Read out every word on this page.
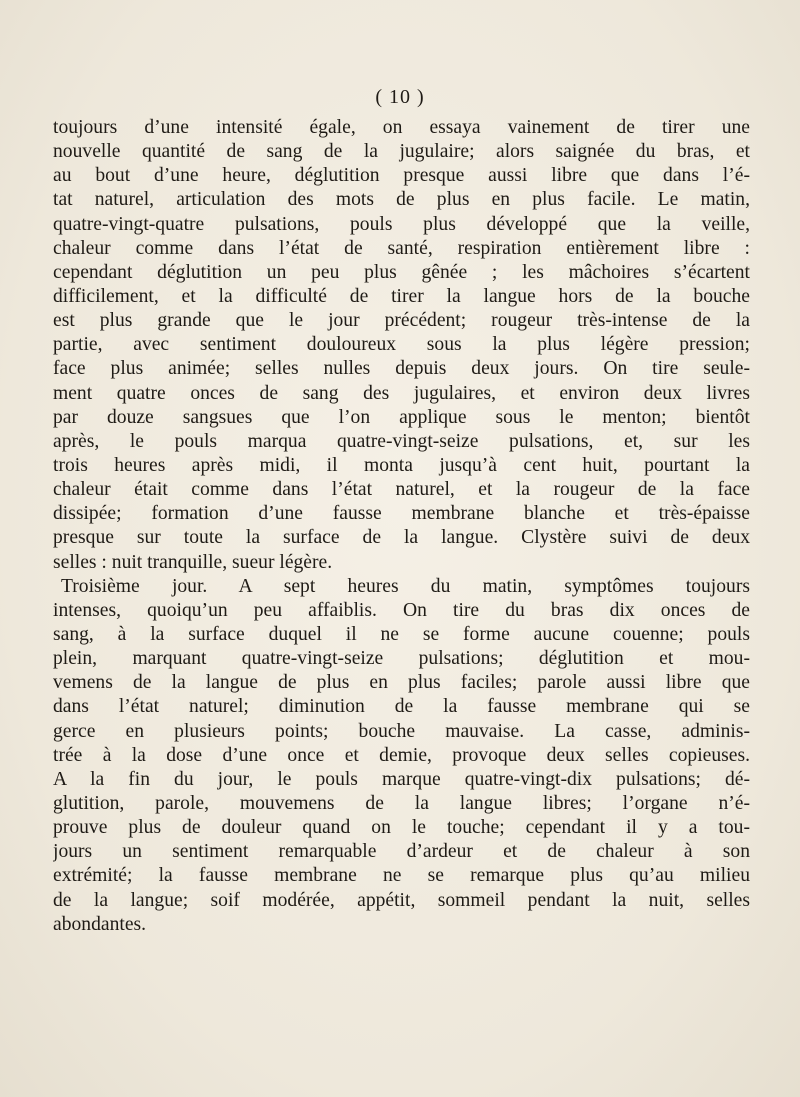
( 10 )
toujours d’une intensité égale, on essaya vainement de tirer une
nouvelle quantité de sang de la jugulaire; alors saignée du bras, et
au bout d’une heure, déglutition presque aussi libre que dans l’é-
tat naturel, articulation des mots de plus en plus facile. Le matin,
quatre-vingt-quatre pulsations, pouls plus développé que la veille,
chaleur comme dans l’état de santé, respiration entièrement libre :
cependant déglutition un peu plus gênée ; les mâchoires s’écartent
difficilement, et la difficulté de tirer la langue hors de la bouche
est plus grande que le jour précédent; rougeur très-intense de la
partie, avec sentiment douloureux sous la plus légère pression;
face plus animée; selles nulles depuis deux jours. On tire seule-
ment quatre onces de sang des jugulaires, et environ deux livres
par douze sangsues que l’on applique sous le menton; bientôt
après, le pouls marqua quatre-vingt-seize pulsations, et, sur les
trois heures après midi, il monta jusqu’à cent huit, pourtant la
chaleur était comme dans l’état naturel, et la rougeur de la face
dissipée; formation d’une fausse membrane blanche et très-épaisse
presque sur toute la surface de la langue. Clystère suivi de deux
selles : nuit tranquille, sueur légère.
Troisième jour. A sept heures du matin, symptômes toujours
intenses, quoiqu’un peu affaiblis. On tire du bras dix onces de
sang, à la surface duquel il ne se forme aucune couenne; pouls
plein, marquant quatre-vingt-seize pulsations; déglutition et mou-
vemens de la langue de plus en plus faciles; parole aussi libre que
dans l’état naturel; diminution de la fausse membrane qui se
gerce en plusieurs points; bouche mauvaise. La casse, adminis-
trée à la dose d’une once et demie, provoque deux selles copieuses.
A la fin du jour, le pouls marque quatre-vingt-dix pulsations; dé-
glutition, parole, mouvemens de la langue libres; l’organe n’é-
prouve plus de douleur quand on le touche; cependant il y a tou-
jours un sentiment remarquable d’ardeur et de chaleur à son
extrémité; la fausse membrane ne se remarque plus qu’au milieu
de la langue; soif modérée, appétit, sommeil pendant la nuit, selles
abondantes.
